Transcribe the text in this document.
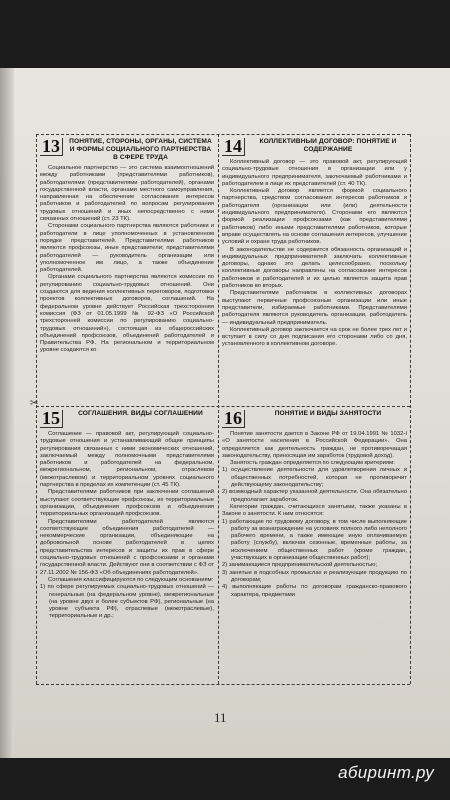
✂
13	ПОНЯТИЕ, СТОРОНЫ, ОРГАНЫ, СИСТЕМА И ФОРМЫ СОЦИАЛЬНОГО ПАРТНЕРСТВА В СФЕРЕ ТРУДА

Социальное партнерство — это система взаимоотношений между работниками (представителями работников), работодателями (представителями работодателей), органами государственной власти, органами местного самоуправления, направленная на обеспечение согласования интересов работников и работодателей по вопросам регулирования трудовых отношений и иных непосредственно с ними связанных отношений (ст. 23 ТК).

Сторонами социального партнерства являются работники и работодатели в лице уполномоченных в установленном порядке представителей. Представителями работников являются профсоюзы, иные представители; представителями работодателей — руководитель организации или уполномоченное им лицо, а также объединение работодателей.

Органами социального партнерства являются комиссии по регулированию социально-трудовых отношений. Они создаются для ведения коллективных переговоров, подготовки проектов коллективных договоров, соглашений. На федеральном уровне действует Российская трехсторонняя комиссия (ФЗ от 01.05.1999 № 92-ФЗ «О Российской трехсторонней комиссии по регулированию социально-трудовых отношений»), состоящая из общероссийских объединений профсоюзов, объединений работодателей и Правительства РФ. На региональном и территориальном уровне создаются ко

14	КОЛЛЕКТИВНЫЙ ДОГОВОР: ПОНЯТИЕ И СОДЕРЖАНИЕ

Коллективный договор — это правовой акт, регулирующий социально-трудовые отношения в организации или у индивидуального предпринимателя, заключаемый работниками и работодателем в лице их представителей (ст. 40 ТК).

Коллективный договор является формой социального партнерства, средством согласования интересов работников и работодателя (организации или (или) деятельности индивидуального предпринимателя). Сторонами его являются формой реализации профсоюзами (как представителями работников) либо иными представителями работников, которые вправе осуществлять на основе соглашения интересов, улучшение условий и охране труда работников.

В законодательстве не содержится обязанность организаций и индивидуальных предпринимателей заключать коллективные договоры, однако это делать целесообразно, поскольку коллективные договоры направлены на согласование интересов работников и работодателей и их целью является защита прав работников во вторых.

Представителями работников в коллективных договорах выступают первичные профсоюзные организации или иные представители, избираемые работниками. Представителями работодателя являются руководитель организации, работодатель — индивидуальный предприниматель.

Коллективный договор заключается на срок не более трех лет и вступает в силу со дня подписания его сторонами либо со дня, установленного в коллективном договоре.

15	СОГЛАШЕНИЯ. ВИДЫ СОГЛАШЕНИЙ

Соглашение — правовой акт, регулирующий социально-трудовые отношения и устанавливающий общие принципы регулирования связанных с ними экономических отношений, заключаемый между полномочными представителями работников и работодателей на федеральном, межрегиональном, региональном, отраслевом (межотраслевом) и территориальном уровнях социального партнерства в пределах их компетенции (ст. 45 ТК).

Представителями работников при заключении соглашений выступают соответствующие профсоюзы, их территориальные организации, объединения профсоюзов и объединения территориальных организаций профсоюзов.

Представителями работодателей являются соответствующие объединения работодателей — некоммерческие организации, объединяющие на добровольной основе работодателей в целях представительства интересов и защиты их прав в сфере социально-трудовых отношений с профсоюзами и органами государственной власти. Действуют они в соответствии с ФЗ от 27.11.2002 № 156-ФЗ «Об объединениях работодателей».

Соглашения классифицируются по следующим основаниям:

1) по сфере регулируемых социально-трудовых отношений — генеральные (на федеральном уровне), межрегиональные (на уровне двух и более субъектов РФ), региональные (на уровне субъекта РФ), отраслевые (межотраслевые), территориальные и др.;
16	ПОНЯТИЕ И ВИДЫ ЗАНЯТОСТИ

Понятие занятости дается в Законе РФ от 19.04.1991 № 1032-I «О занятости населения в Российской Федерации». Она определяется как деятельность граждан, не противоречащая законодательству, приносящая им заработок (трудовой доход).

Занятость граждан определяется по следующим критериям:

1) осуществление деятельности для удовлетворения личных и общественных потребностей, которая не противоречит действующему законодательству;
2) возмездный характер указанной деятельности. Она обязательно предполагает заработок.

Категории граждан, считающихся занятыми, также указаны в Законе о занятости. К ним относятся:

1) работающие по трудовому договору, в том числе выполняющие работу за вознаграждение на условиях полного либо неполного рабочего времени, а также имеющие иную оплачиваемую работу (службу), включая сезонные, временные работы, за исключением общественных работ (кроме граждан, участвующих в организации общественных работ);
2) занимающиеся предпринимательской деятельностью;
3) занятые в подсобных промыслах и реализующие продукцию по договорам;
4) выполняющие работы по договорам гражданско-правового характера, предметами
11
абиринт.ру
